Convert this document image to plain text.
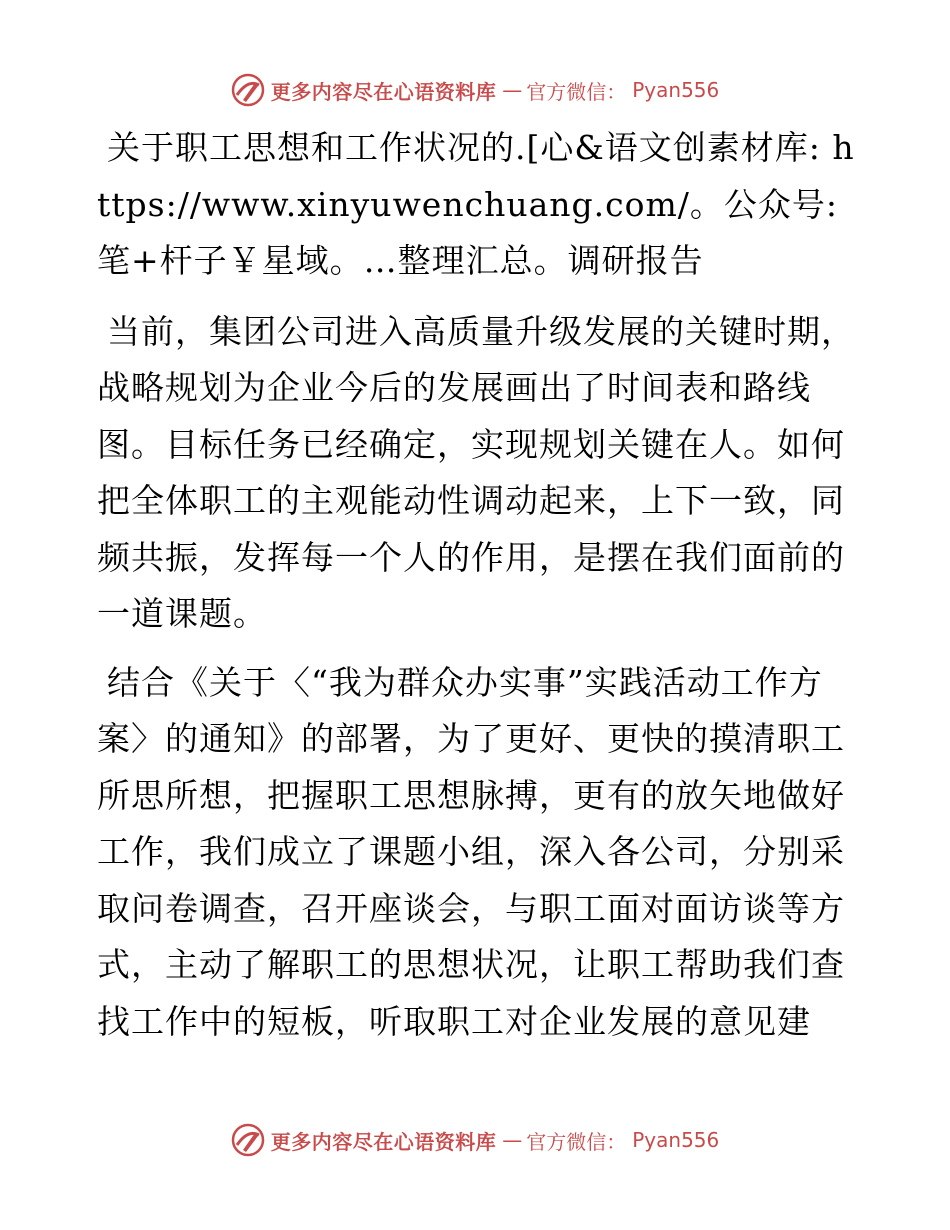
更多内容尽在心语资料库 — 官方微信： Pyan556

关于职工思想和工作状况的.[心&语文创素材库: https://www.xinyuwenchuang.com/。公众号: 笔+杆子￥星域。…整理汇总。调研报告

当前，集团公司进入高质量升级发展的关键时期，战略规划为企业今后的发展画出了时间表和路线图。目标任务已经确定，实现规划关键在人。如何把全体职工的主观能动性调动起来，上下一致，同频共振，发挥每一个人的作用，是摆在我们面前的一道课题。

结合《关于〈“我为群众办实事”实践活动工作方案〉的通知》的部署，为了更好、更快的摸清职工所思所想，把握职工思想脉搏，更有的放矢地做好工作，我们成立了课题小组，深入各公司，分别采取问卷调查，召开座谈会，与职工面对面访谈等方式，主动了解职工的思想状况，让职工帮助我们查找工作中的短板，听取职工对企业发展的意见建

更多内容尽在心语资料库 — 官方微信： Pyan556
